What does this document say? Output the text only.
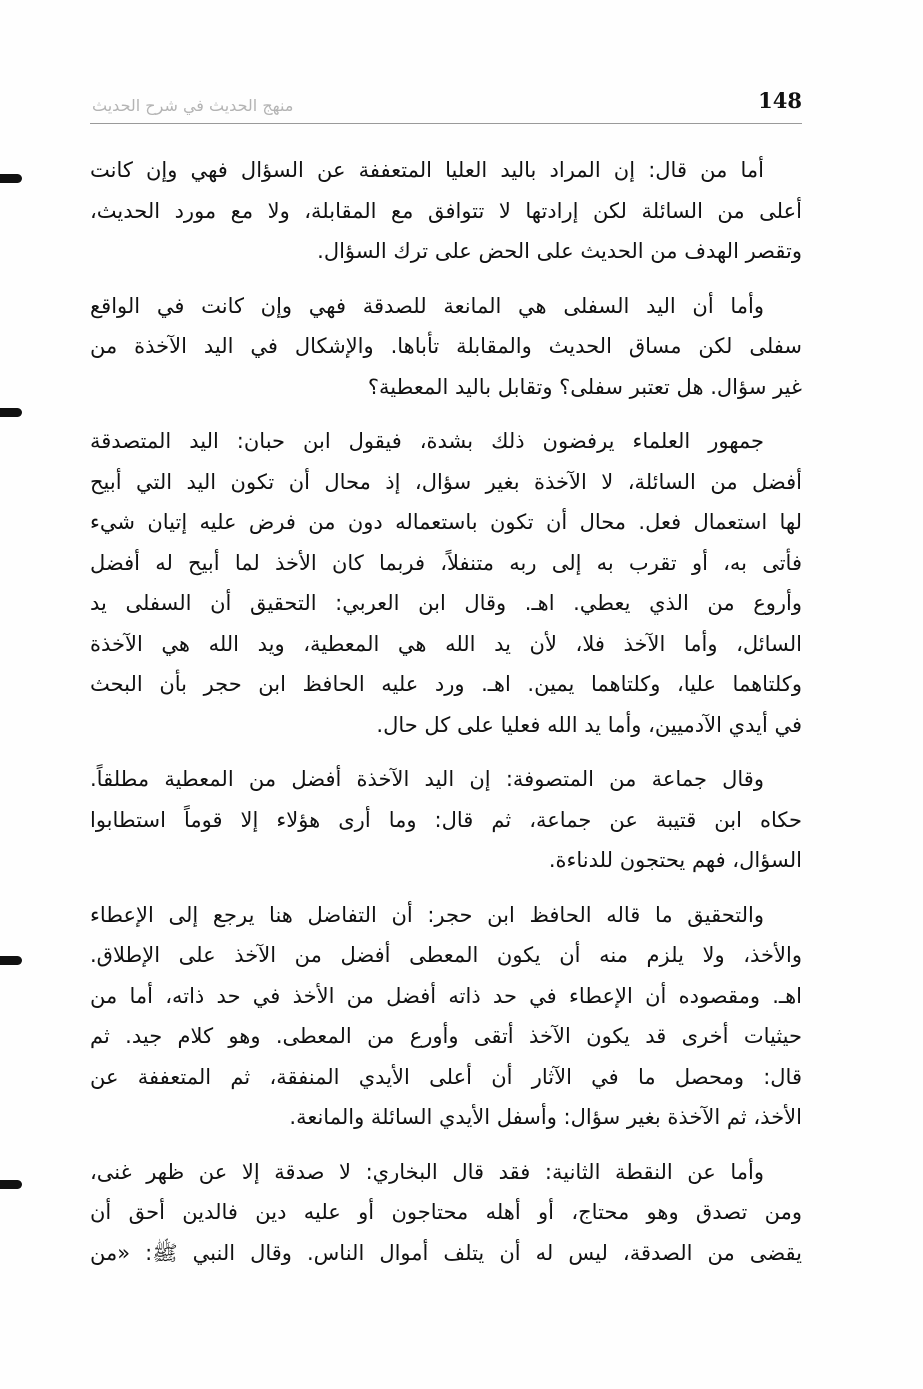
منهج الحديث في شرح الحديث	148
أما من قال: إن المراد باليد العليا المتعففة عن السؤال فهي وإن كانت
أعلى من السائلة لكن إرادتها لا تتوافق مع المقابلة، ولا مع مورد الحديث،
وتقصر الهدف من الحديث على الحض على ترك السؤال.
وأما أن اليد السفلى هي المانعة للصدقة فهي وإن كانت في الواقع
سفلى لكن مساق الحديث والمقابلة تأباها. والإشكال في اليد الآخذة من
غير سؤال. هل تعتبر سفلى؟ وتقابل باليد المعطية؟
جمهور العلماء يرفضون ذلك بشدة، فيقول ابن حبان: اليد المتصدقة
أفضل من السائلة، لا الآخذة بغير سؤال، إذ محال أن تكون اليد التي أبيح
لها استعمال فعل. محال أن تكون باستعماله دون من فرض عليه إتيان شيء
فأتى به، أو تقرب به إلى ربه متنفلاً، فربما كان الأخذ لما أبيح له أفضل
وأروع من الذي يعطي. اهـ. وقال ابن العربي: التحقيق أن السفلى يد
السائل، وأما الآخذ فلا، لأن يد الله هي المعطية، ويد الله هي الآخذة
وكلتاهما عليا، وكلتاهما يمين. اهـ. ورد عليه الحافظ ابن حجر بأن البحث
في أيدي الآدميين، وأما يد الله فعليا على كل حال.
وقال جماعة من المتصوفة: إن اليد الآخذة أفضل من المعطية مطلقاً.
حكاه ابن قتيبة عن جماعة، ثم قال: وما أرى هؤلاء إلا قوماً استطابوا
السؤال، فهم يحتجون للدناءة.
والتحقيق ما قاله الحافظ ابن حجر: أن التفاضل هنا يرجع إلى الإعطاء
والأخذ، ولا يلزم منه أن يكون المعطى أفضل من الآخذ على الإطلاق.
اهـ. ومقصوده أن الإعطاء في حد ذاته أفضل من الأخذ في حد ذاته، أما من
حيثيات أخرى قد يكون الآخذ أتقى وأورع من المعطى. وهو كلام جيد. ثم
قال: ومحصل ما في الآثار أن أعلى الأيدي المنفقة، ثم المتعففة عن
الأخذ، ثم الآخذة بغير سؤال: وأسفل الأيدي السائلة والمانعة.
وأما عن النقطة الثانية: فقد قال البخاري: لا صدقة إلا عن ظهر غنى،
ومن تصدق وهو محتاج، أو أهله محتاجون أو عليه دين فالدين أحق أن
يقضى من الصدقة، ليس له أن يتلف أموال الناس. وقال النبي ﷺ: «من
